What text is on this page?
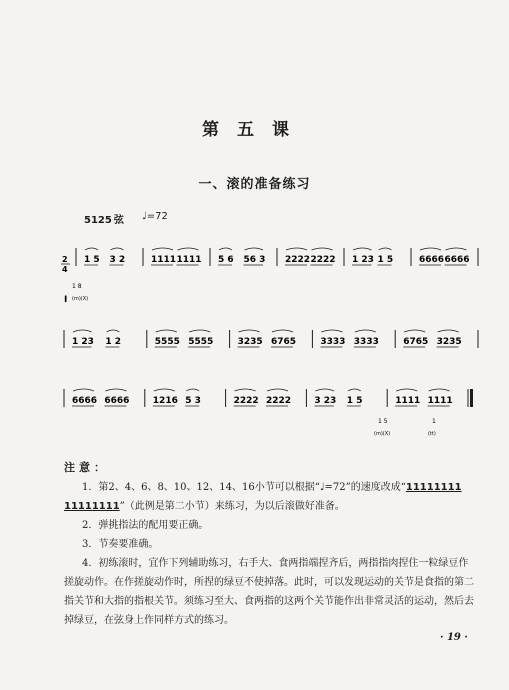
第五课
一、滚的准备练习
5125 弦 ♩=72
2
4
1 5 3 2	1111 1111 5 6 56 3 2222 2222 1 23 1 5	6666 6666
I
1 8
(m)(X)
1 23 1 2	5555 5555	3235 6765	3333 3333	6765 3235
6666 6666	1216 5 3	2222 2222	3 23 1 5	1111 1111
1 5
(m)(X)
1
(tt)
注意：
1．第2、4、6、8、10、12、14、16小节可以根据“♩=72”的速度改成“11111111 11111111”（此例是第二小节）来练习，为以后滚做好准备。
2．弹挑指法的配用要正确。
3．节奏要准确。
4．初练滚时，宜作下列辅助练习，右手大、食两指端捏齐后，两指指肉捏住一粒绿豆作搓旋动作。在作搓旋动作时，所捏的绿豆不使掉落。此时，可以发现运动的关节是食指的第二指关节和大指的指根关节。须练习至大、食两指的这两个关节能作出非常灵活的运动，然后去掉绿豆，在弦身上作同样方式的练习。
· 19 ·
